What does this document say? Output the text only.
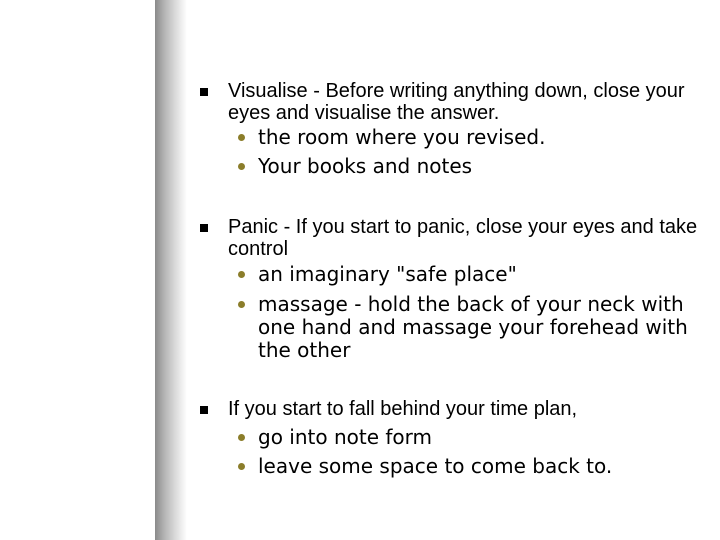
Visualise - Before writing anything down, close your eyes and visualise the answer.
the room where you revised.
Your books and notes
Panic - If you start to panic, close your eyes and take control
an imaginary "safe place"
massage - hold the back of your neck with one hand and massage your forehead with the other
If you start to fall behind your time plan,
go into note form
leave some space to come back to.
